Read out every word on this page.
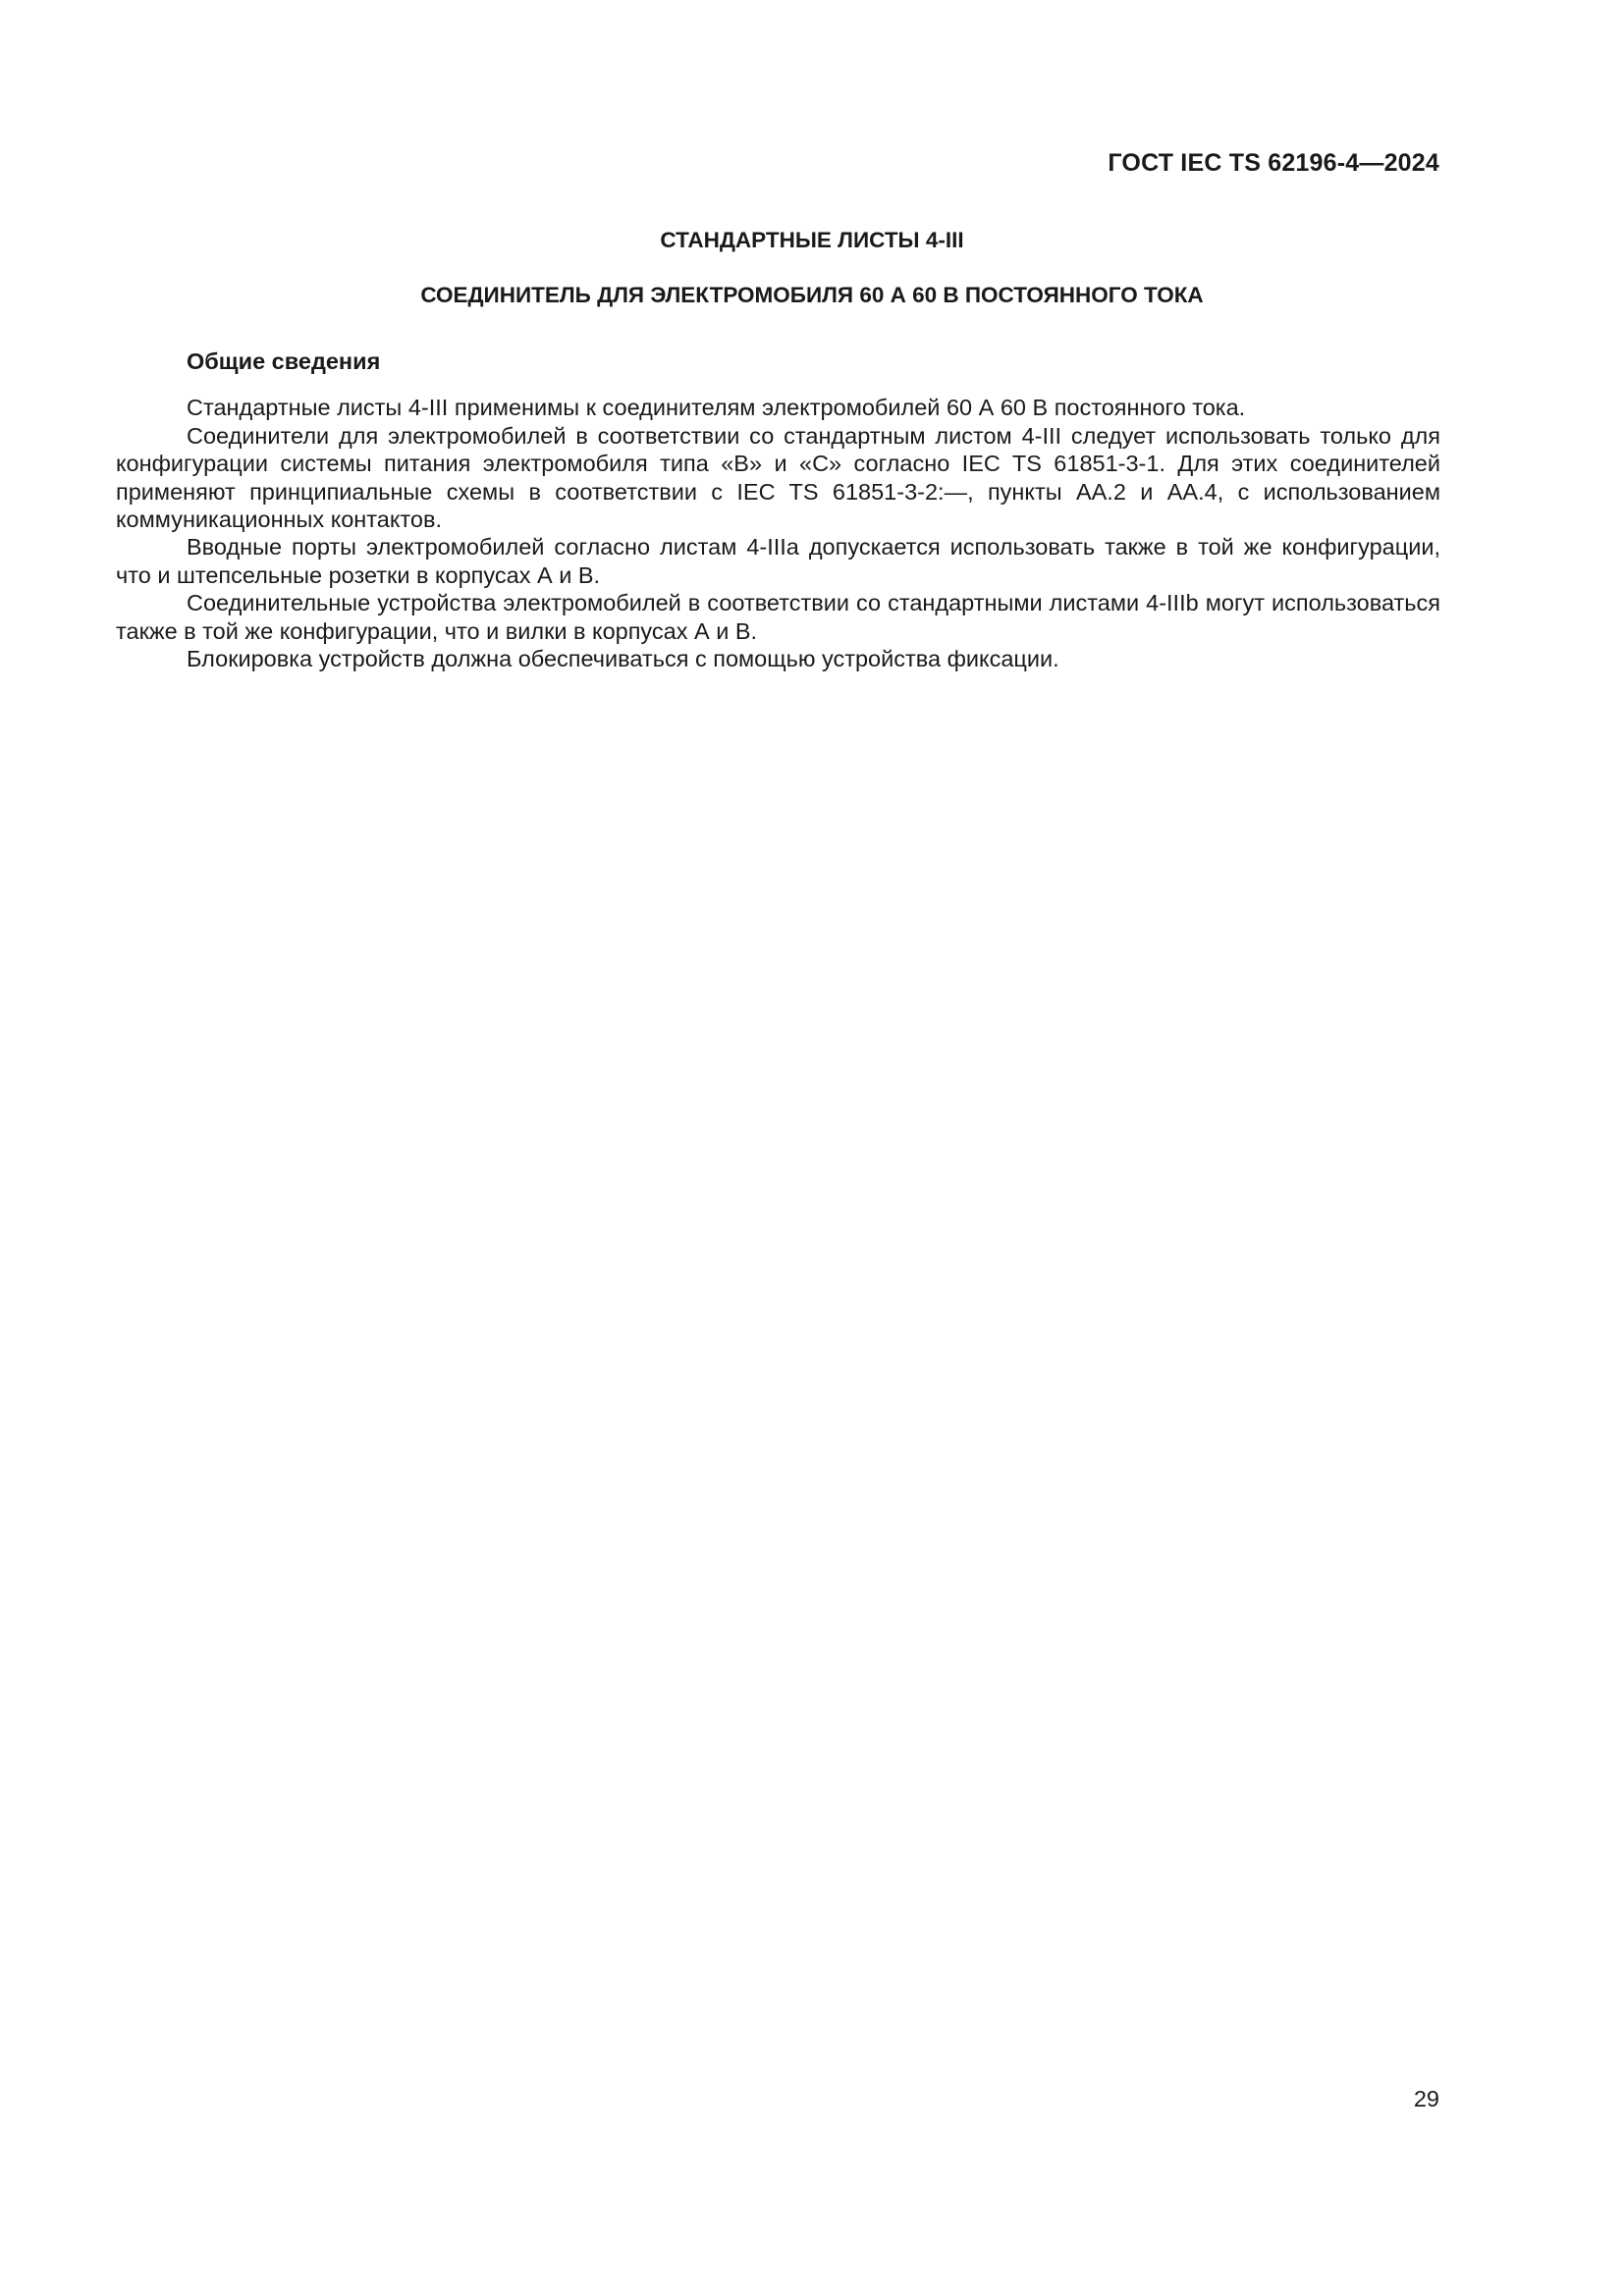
ГОСТ IEC TS 62196-4—2024
СТАНДАРТНЫЕ ЛИСТЫ 4-III
СОЕДИНИТЕЛЬ ДЛЯ ЭЛЕКТРОМОБИЛЯ 60 А 60 В ПОСТОЯННОГО ТОКА

Общие сведения

Стандартные листы 4-III применимы к соединителям электромобилей 60 А 60 В постоянного тока.

Соединители для электромобилей в соответствии со стандартным листом 4-III следует использовать только для конфигурации системы питания электромобиля типа «В» и «С» согласно IEC TS 61851-3-1. Для этих соединителей применяют принципиальные схемы в соответствии с IEC TS 61851-3-2:—, пункты АА.2 и АА.4, с использованием коммуникационных контактов.

Вводные порты электромобилей согласно листам 4-IIIa допускается использовать также в той же конфигурации, что и штепсельные розетки в корпусах А и В.

Соединительные устройства электромобилей в соответствии со стандартными листами 4-IIIb могут использоваться также в той же конфигурации, что и вилки в корпусах А и В.

Блокировка устройств должна обеспечиваться с помощью устройства фиксации.

29
